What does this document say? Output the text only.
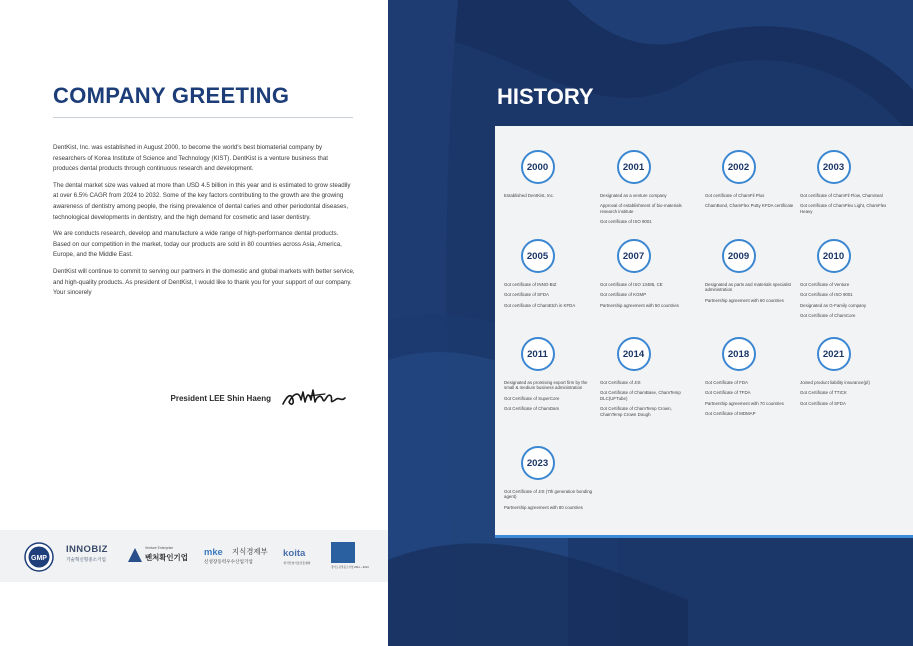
COMPANY GREETING

DentKist, Inc. was established in August 2000, to become the world's best biomaterial company by researchers of Korea Institute of Science and Technology (KIST). DentKist is a venture business that produces dental products through continuous research and development.

The dental market size was valued at more than USD 4.5 billion in this year and is estimated to grow steadily at over 6.5% CAGR from 2024 to 2032. Some of the key factors contributing to the growth are the growing awareness of dentistry among people, the rising prevalence of dental caries and other periodontal diseases, technological developments in dentistry, and the high demand for cosmetic and laser dentistry.

We are conducts research, develop and manufacture a wide range of high-performance dental products. Based on our competition in the market, today our products are sold in 80 countries across Asia, America, Europe, and the Middle East.

DentKist will continue to commit to serving our partners in the domestic and global markets with better service, and high-quality products. As president of DentKist, I would like to thank you for your support of our company.

Your sincerely

President LEE Shin Haeng
GMP
INNOBIZ
기술혁신형중소기업
Venture Enterprise
벤처확인기업
mke 지식경제부
신성장동력우수산업기업
koita
한국산업기술진흥협회
경기도유망중소기업 2011 ~ 2014
HISTORY
2000
Established DentKist, Inc.
2001
Designated as a venture company
Approval of establishment of bio-materials research institute
Got certificate of ISO 9001
2002
Got certificate of ChamFil Plus
ChamBond, ChamFlex Putty KFDA certificate
2003
Got certificate of ChamFil Flow, ChamSeal
Got certificate of ChamFlex Light, ChamFlex Heavy
2005
Got certificate of INNO-BIZ
Got certificate of SFDA
Got certificate of ChamEtch in KFDA
2007
Got certificate of ISO 13485, CE
Got certificate of KGMP
Partnership agreement with 50 countries
2009
Designated as parts and materials specialist administration
Partnership agreement with 60 countries
2010
Got Certificate of Venture
Got Certificate of ISO 9001
Designated as G-Family company
Got Certificate of ChamCore
2011
Designated as promising export firm by the small & medium business administration
Got Certificate of SuperCore
Got Certificate of ChamDam
2014
Got Certificate of JIS
Got Certificate of ChamBase, ChamTemp DLC(UFTube)
Got Certificate of ChamTemp Crown, ChamTemp Crown Dough
2018
Got Certificate of FDA
Got Certificate of TFDA
Partnership agreement with 70 countries
Got Certificate of MDMAP
2021
Joined product liability insurance(pl)
Got Certificate of TTICK
Got Certificate of SFDA
2023
Got Certificate of JIS (7th generation bonding agent)
Partnership agreement with 80 countries
